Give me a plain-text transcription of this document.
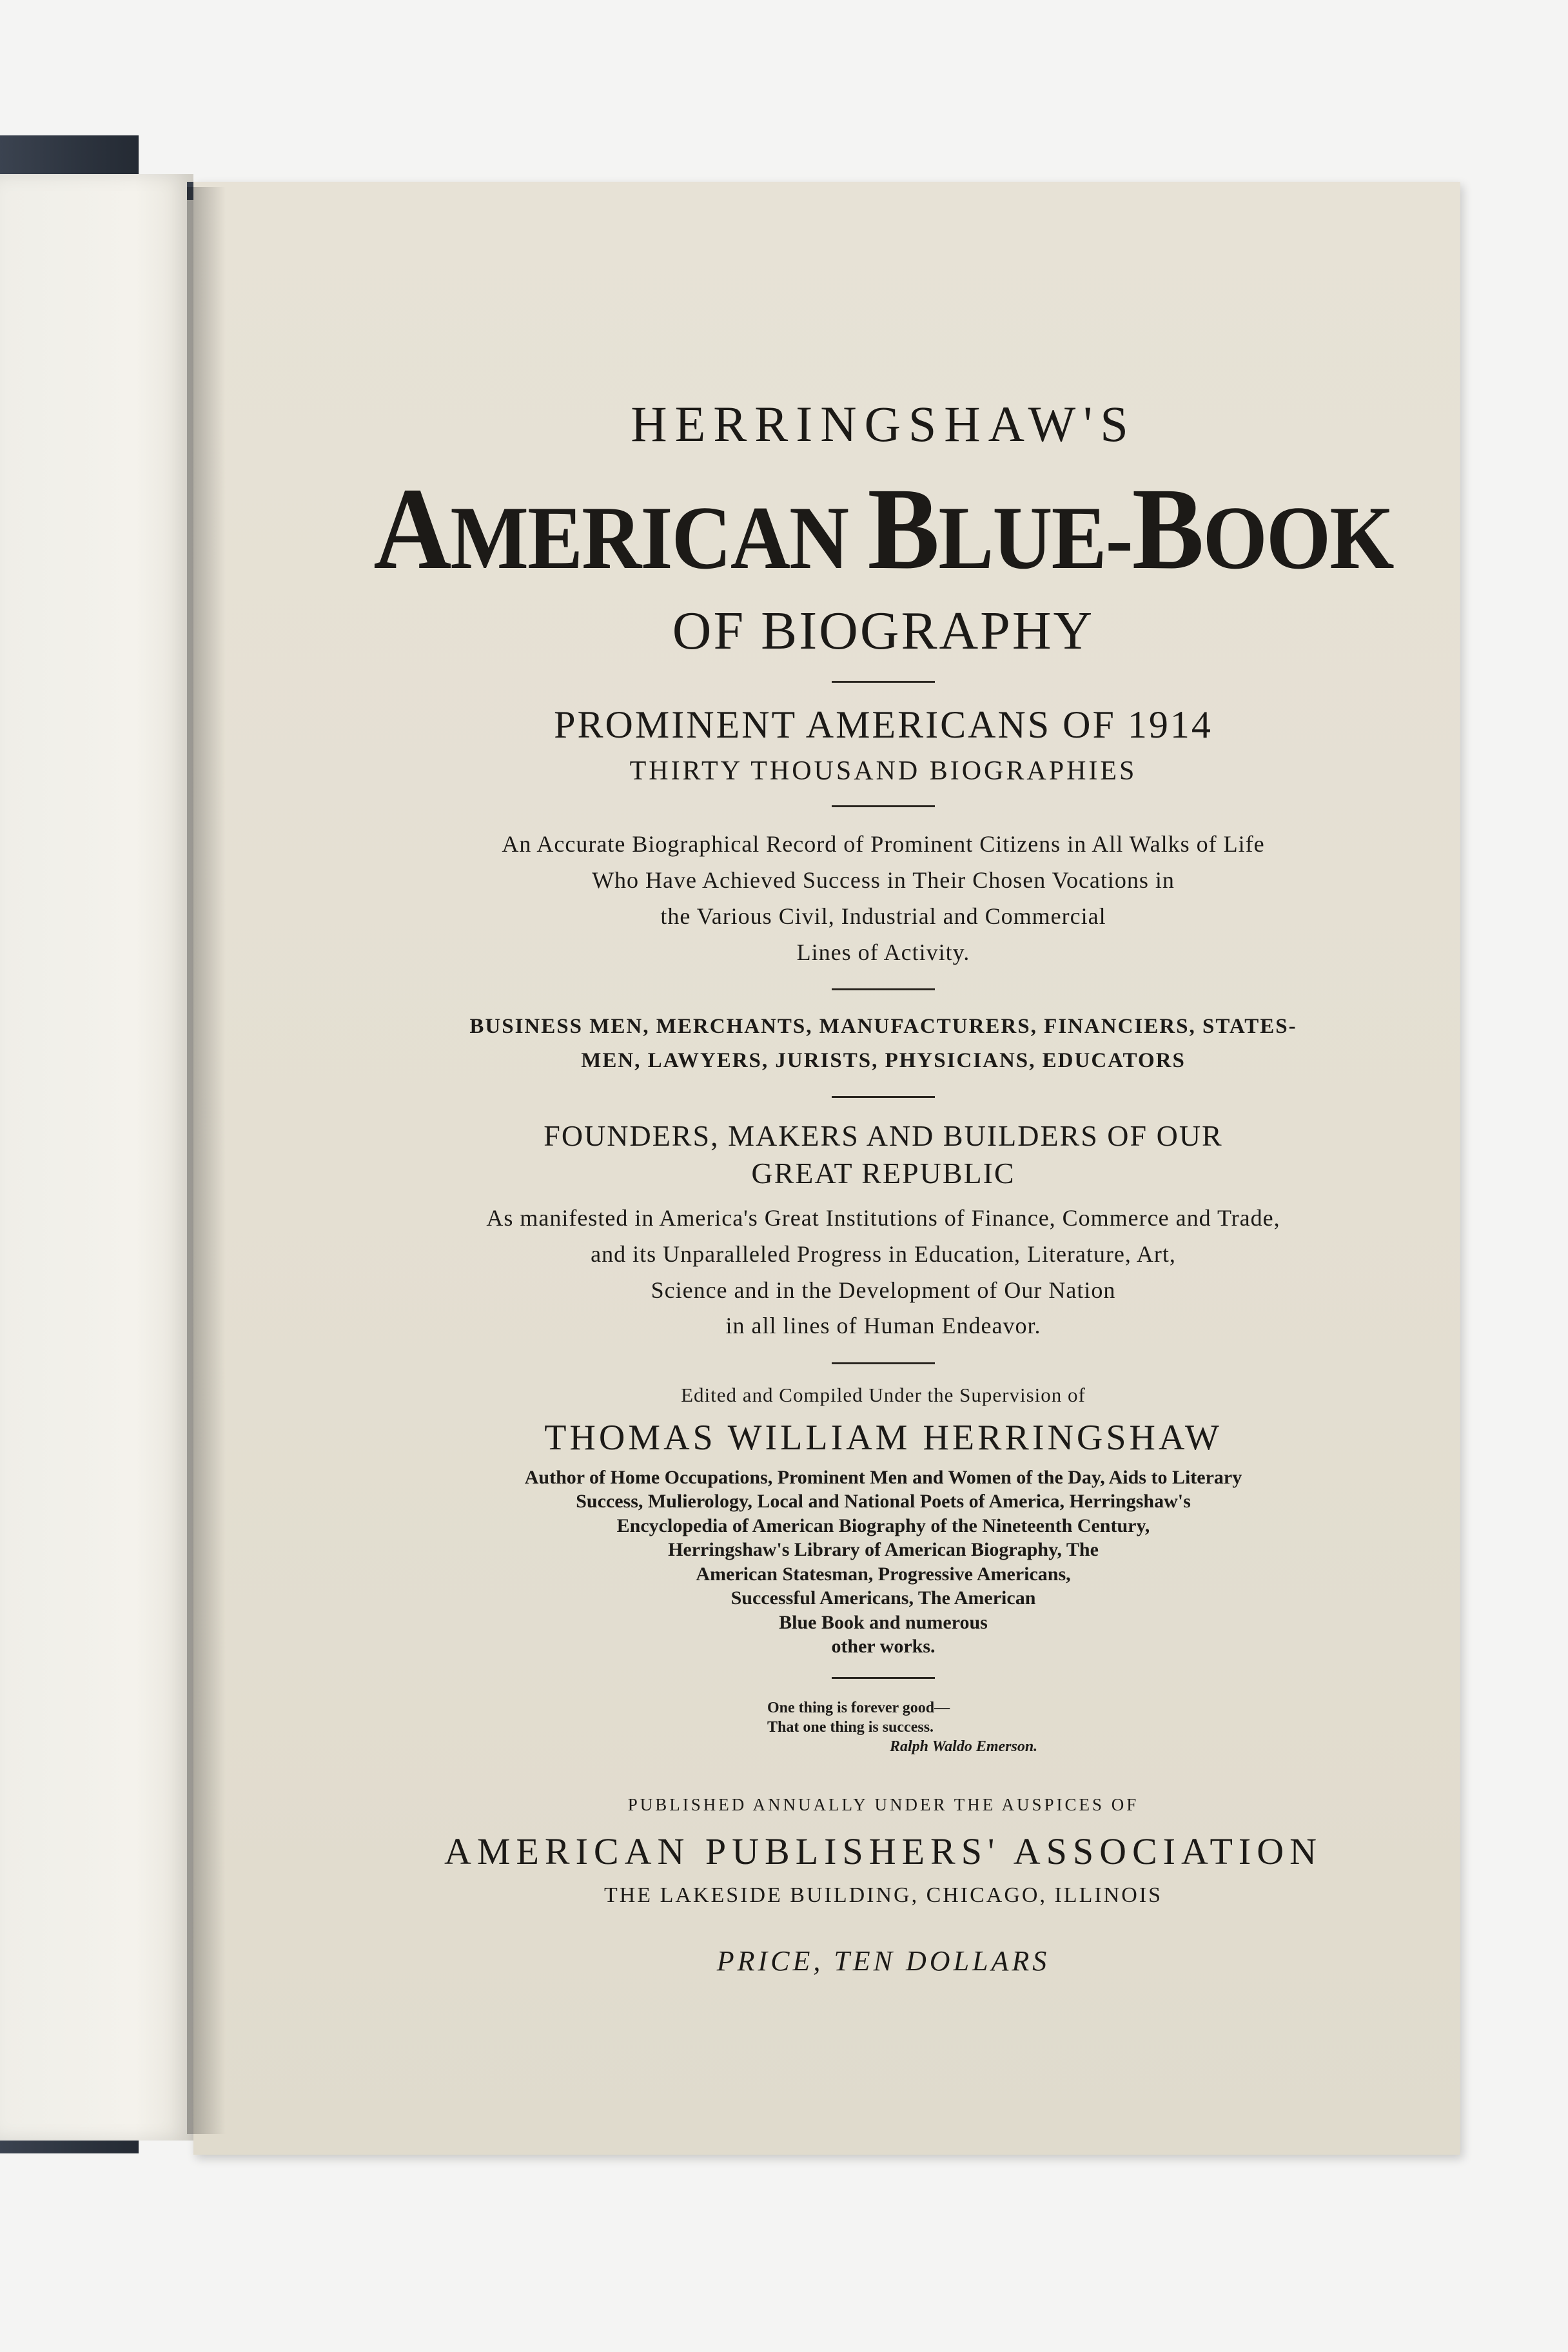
HERRINGSHAW'S

AMERICAN BLUE-BOOK

OF BIOGRAPHY

PROMINENT AMERICANS OF 1914

THIRTY THOUSAND BIOGRAPHIES

An Accurate Biographical Record of Prominent Citizens in All Walks of Life
Who Have Achieved Success in Their Chosen Vocations in
the Various Civil, Industrial and Commercial
Lines of Activity.
BUSINESS MEN, MERCHANTS, MANUFACTURERS, FINANCIERS, STATES-
MEN, LAWYERS, JURISTS, PHYSICIANS, EDUCATORS
FOUNDERS, MAKERS AND BUILDERS OF OUR
GREAT REPUBLIC
As manifested in America's Great Institutions of Finance, Commerce and Trade,
and its Unparalleled Progress in Education, Literature, Art,
Science and in the Development of Our Nation
in all lines of Human Endeavor.

Edited and Compiled Under the Supervision of

THOMAS WILLIAM HERRINGSHAW

Author of Home Occupations, Prominent Men and Women of the Day, Aids to Literary
Success, Mulierology, Local and National Poets of America, Herringshaw's
Encyclopedia of American Biography of the Nineteenth Century,
Herringshaw's Library of American Biography, The
American Statesman, Progressive Americans,
Successful Americans, The American
Blue Book and numerous
other works.
One thing is forever good—
That one thing is success.
Ralph Waldo Emerson.

PUBLISHED ANNUALLY UNDER THE AUSPICES OF

AMERICAN PUBLISHERS' ASSOCIATION

THE LAKESIDE BUILDING, CHICAGO, ILLINOIS

PRICE, TEN DOLLARS
